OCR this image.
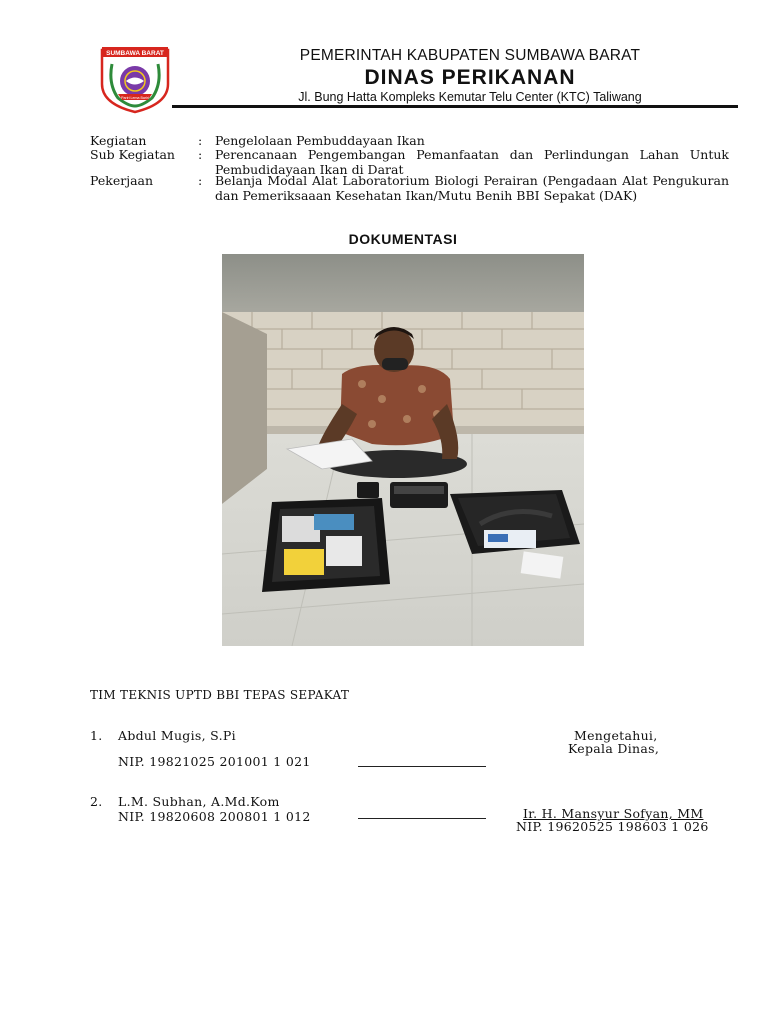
SUMBAWA BARAT
Pariri Lema Bariri
PEMERINTAH KABUPATEN SUMBAWA BARAT
DINAS PERIKANAN
Jl. Bung Hatta Kompleks Kemutar Telu Center (KTC) Taliwang
Kegiatan	: Pengelolaan Pembuddayaan Ikan
Sub Kegiatan	: Perencanaan Pengembangan Pemanfaatan dan Perlindungan Lahan Untuk Pembudidayaan Ikan di Darat
Pekerjaan	: Belanja Modal Alat Laboratorium Biologi Perairan (Pengadaan Alat Pengukuran dan Pemeriksaaan Kesehatan Ikan/Mutu Benih BBI Sepakat (DAK)
DOKUMENTASI
TIM TEKNIS UPTD BBI TEPAS SEPAKAT
1. Abdul Mugis, S.Pi
NIP. 19821025 201001 1 021
2. L.M. Subhan, A.Md.Kom
NIP. 19820608 200801 1 012
Mengetahui,
Kepala Dinas,
Ir. H. Mansyur Sofyan, MM
NIP. 19620525 198603 1 026
